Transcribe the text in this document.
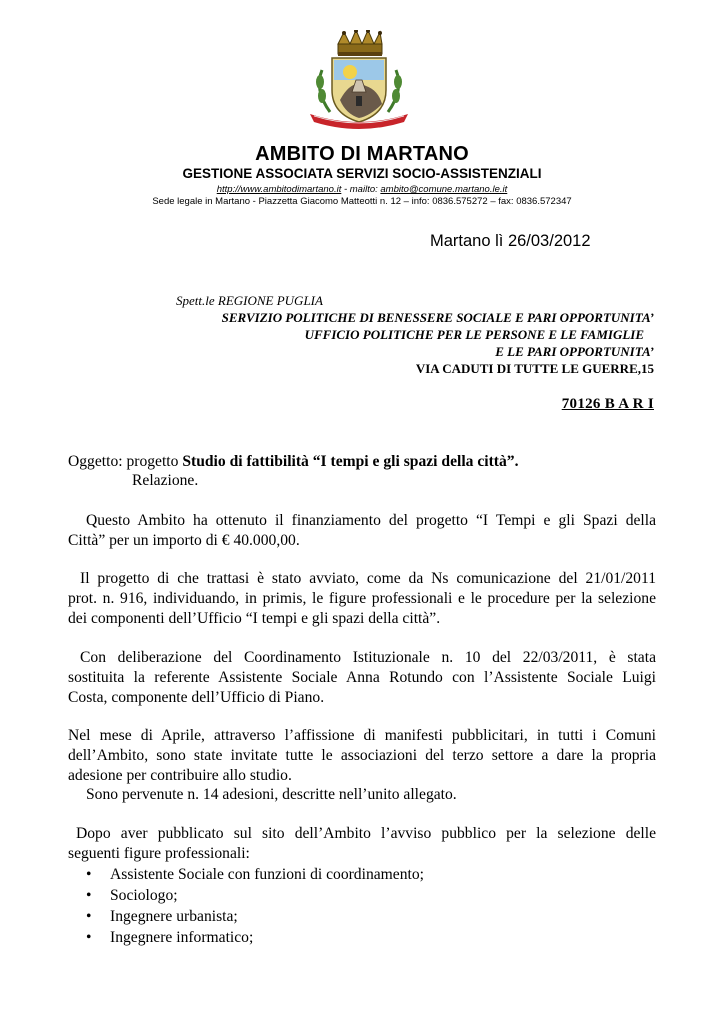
AMBITO DI MARTANO
GESTIONE ASSOCIATA SERVIZI SOCIO-ASSISTENZIALI
http://www.ambitodimartano.it - mailto: ambito@comune.martano.le.it
Sede legale in Martano - Piazzetta Giacomo Matteotti n. 12 – info: 0836.575272 – fax: 0836.572347
Martano lì 26/03/2012
Spett.le REGIONE PUGLIA
SERVIZIO POLITICHE DI BENESSERE SOCIALE E PARI OPPORTUNITA’
UFFICIO POLITICHE PER LE PERSONE E LE FAMIGLIE
E LE PARI OPPORTUNITA’
VIA CADUTI DI TUTTE LE GUERRE,15
70126 B A R I
Oggetto: progetto Studio di fattibilità “I tempi e gli spazi della città”.
Relazione.
Questo Ambito ha ottenuto il finanziamento del progetto “I Tempi e gli Spazi della
Città” per un importo di € 40.000,00.
Il progetto di che trattasi è stato avviato, come da Ns comunicazione del 21/01/2011
prot. n. 916, individuando, in primis, le figure professionali e le procedure per la selezione
dei componenti dell’Ufficio “I tempi e gli spazi della città”.
Con deliberazione del Coordinamento Istituzionale n. 10 del 22/03/2011, è stata
sostituita la referente Assistente Sociale Anna Rotundo con l’Assistente Sociale Luigi
Costa, componente dell’Ufficio di Piano.
Nel mese di Aprile, attraverso l’affissione di manifesti pubblicitari, in tutti i Comuni
dell’Ambito, sono state invitate tutte le associazioni del terzo settore a dare la propria
adesione per contribuire allo studio.
Sono pervenute n. 14 adesioni, descritte nell’unito allegato.
Dopo aver pubblicato sul sito dell’Ambito l’avviso pubblico per la selezione delle
seguenti figure professionali:
• Assistente Sociale con funzioni di coordinamento;
• Sociologo;
• Ingegnere urbanista;
• Ingegnere informatico;
